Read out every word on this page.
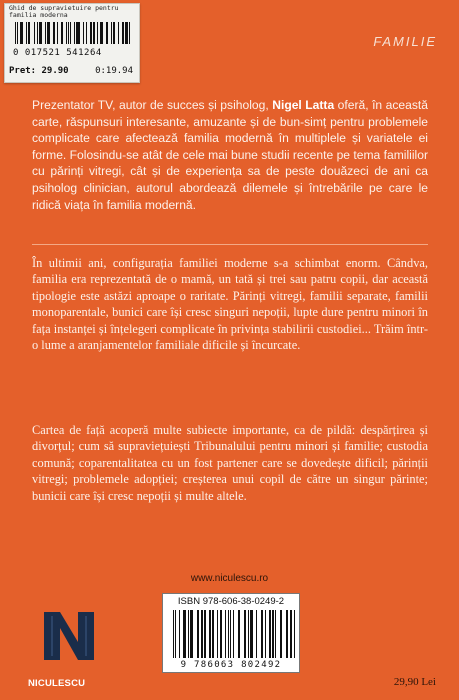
Ghid de supravietuire pentru
familia moderna
0 017521 541264
Pret: 29.90	0:19.94
FAMILIE

Prezentator TV, autor de succes și psiholog, Nigel Latta oferă, în această carte, răspunsuri interesante, amuzante și de bun-simț pentru problemele complicate care afectează familia modernă în multiplele și variatele ei forme. Folosindu-se atât de cele mai bune studii recente pe tema familiilor cu părinți vitregi, cât și de experiența sa de peste douăzeci de ani ca psiholog clinician, autorul abordează dilemele și întrebările pe care le ridică viața în familia modernă.

În ultimii ani, configurația familiei moderne s-a schimbat enorm. Cândva, familia era reprezentată de o mamă, un tată și trei sau patru copii, dar această tipologie este astăzi aproape o raritate. Părinți vitregi, familii separate, familii monoparentale, bunici care își cresc singuri nepoții, lupte dure pentru minori în fața instanței și înțelegeri complicate în privința stabilirii custodiei... Trăim într-o lume a aranjamentelor familiale dificile și încurcate.

Cartea de față acoperă multe subiecte importante, ca de pildă: despărțirea și divorțul; cum să supraviețuiești Tribunalului pentru minori și familie; custodia comună; coparentalitatea cu un fost partener care se dovedește dificil; părinții vitregi; problemele adopției; creșterea unui copil de către un singur părinte; bunicii care își cresc nepoții și multe altele.

www.niculescu.ro
NICULESCU
ISBN 978-606-38-0249-2
9 786063 802492
29,90 Lei
